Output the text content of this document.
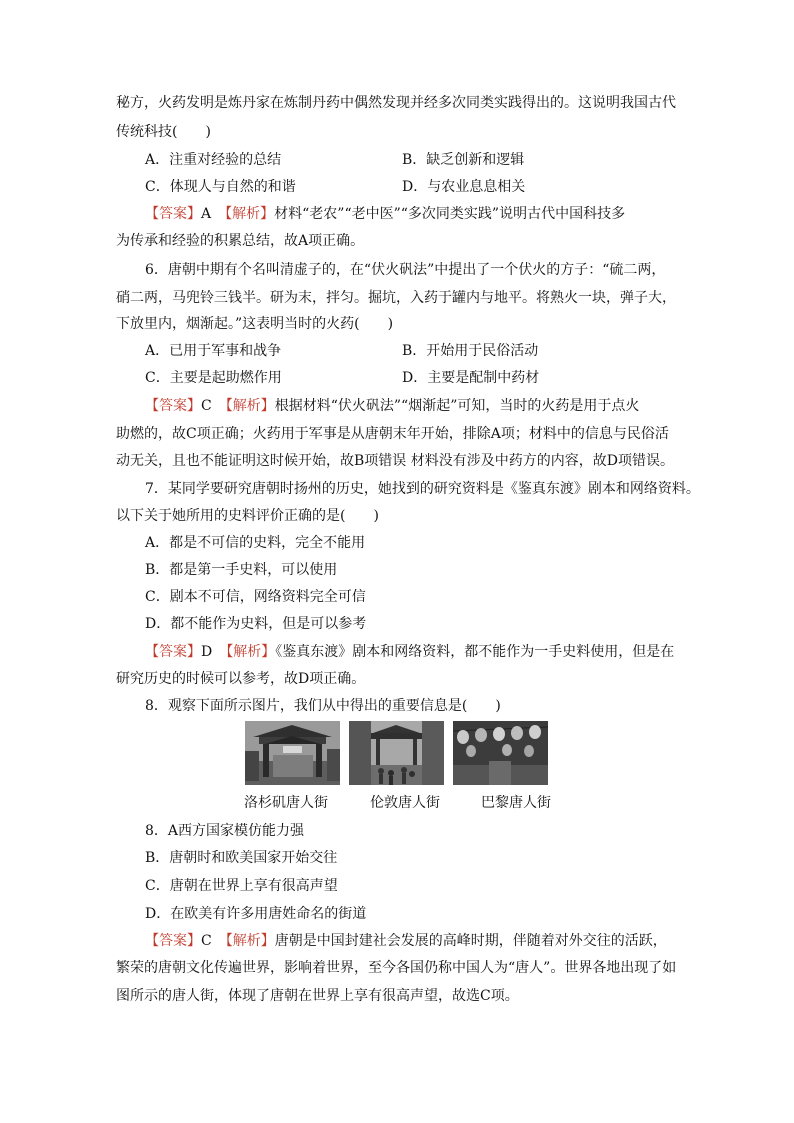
秘方，火药发明是炼丹家在炼制丹药中偶然发现并经多次同类实践得出的。这说明我国古代
传统科技(　　)
A．注重对经验的总结	B．缺乏创新和逻辑
C．体现人与自然的和谐	D．与农业息息相关
【答案】A　 【解析】材料“老农”“老中医”“多次同类实践”说明古代中国科技多
为传承和经验的积累总结，故A项正确。
6．唐朝中期有个名叫清虚子的，在“伏火矾法”中提出了一个伏火的方子：“硫二两，
硝二两，马兜铃三钱半。研为末，拌匀。掘坑，入药于罐内与地平。将熟火一块，弹子大，
下放里内，烟渐起。”这表明当时的火药(　　)
A．已用于军事和战争	B．开始用于民俗活动
C．主要是起助燃作用	D．主要是配制中药材
【答案】C　 【解析】根据材料“伏火矾法”“烟渐起”可知，当时的火药是用于点火
助燃的，故C项正确；火药用于军事是从唐朝末年开始，排除A项；材料中的信息与民俗活
动无关，且也不能证明这时候开始，故B项错误 材料没有涉及中药方的内容，故D项错误。
7．某同学要研究唐朝时扬州的历史，她找到的研究资料是《鉴真东渡》剧本和网络资料。
以下关于她所用的史料评价正确的是(　　)
A．都是不可信的史料，完全不能用
B．都是第一手史料，可以使用
C．剧本不可信，网络资料完全可信
D．都不能作为史料，但是可以参考
【答案】D　 【解析】《鉴真东渡》剧本和网络资料，都不能作为一手史料使用，但是在
研究历史的时候可以参考，故D项正确。
8．观察下面所示图片，我们从中得出的重要信息是(　　)
洛杉矶唐人街	伦敦唐人街	巴黎唐人街
8．A西方国家模仿能力强
B．唐朝时和欧美国家开始交往
C．唐朝在世界上享有很高声望
D．在欧美有许多用唐姓命名的街道
【答案】C　 【解析】唐朝是中国封建社会发展的高峰时期，伴随着对外交往的活跃，
繁荣的唐朝文化传遍世界，影响着世界，至今各国仍称中国人为“唐人”。世界各地出现了如
图所示的唐人街，体现了唐朝在世界上享有很高声望，故选C项。
